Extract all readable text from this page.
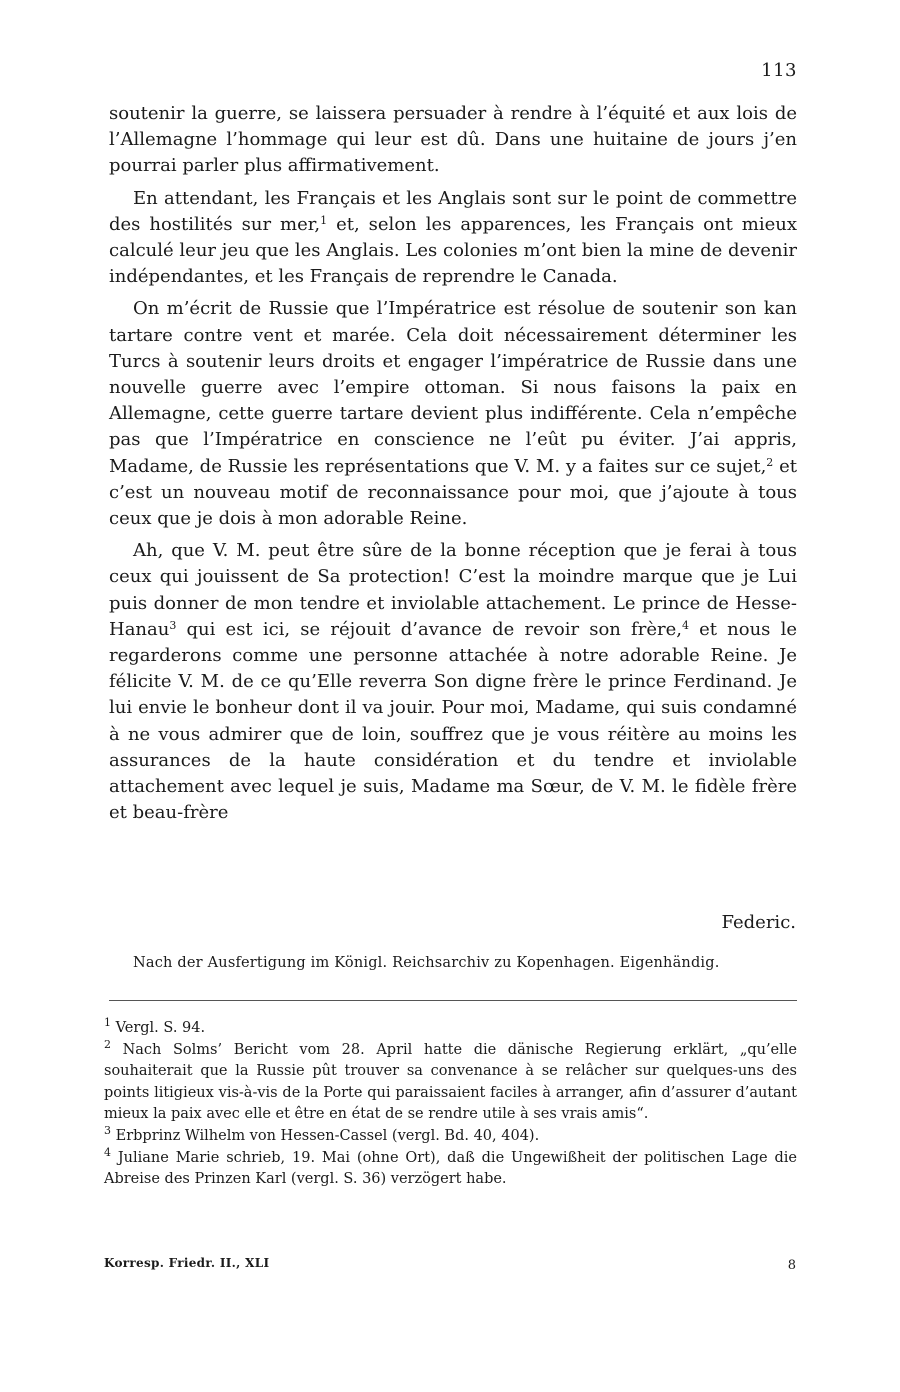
113

soutenir la guerre, se laissera persuader à rendre à l’équité et aux lois de l’Allemagne l’hommage qui leur est dû. Dans une huitaine de jours j’en pourrai parler plus affirmativement.

En attendant, les Français et les Anglais sont sur le point de commettre des hostilités sur mer,$^1$ et, selon les apparences, les Français ont mieux calculé leur jeu que les Anglais. Les colonies m’ont bien la mine de devenir indépendantes, et les Français de reprendre le Canada.

On m’écrit de Russie que l’Impératrice est résolue de soutenir son kan tartare contre vent et marée. Cela doit nécessairement déterminer les Turcs à soutenir leurs droits et engager l’impératrice de Russie dans une nouvelle guerre avec l’empire ottoman. Si nous faisons la paix en Allemagne, cette guerre tartare devient plus indifférente. Cela n’empêche pas que l’Impératrice en conscience ne l’eût pu éviter. J’ai appris, Madame, de Russie les représentations que V. M. y a faites sur ce sujet,$^2$ et c’est un nouveau motif de reconnaissance pour moi, que j’ajoute à tous ceux que je dois à mon adorable Reine.

Ah, que V. M. peut être sûre de la bonne réception que je ferai à tous ceux qui jouissent de Sa protection! C’est la moindre marque que je Lui puis donner de mon tendre et inviolable attachement. Le prince de Hesse-Hanau$^3$ qui est ici, se réjouit d’avance de revoir son frère,$^4$ et nous le regarderons comme une personne attachée à notre adorable Reine. Je félicite V. M. de ce qu’Elle reverra Son digne frère le prince Ferdinand. Je lui envie le bonheur dont il va jouir. Pour moi, Madame, qui suis condamné à ne vous admirer que de loin, souffrez que je vous réitère au moins les assurances de la haute considération et du tendre et inviolable attachement avec lequel je suis, Madame ma Sœur, de V. M. le fidèle frère et beau-frère

Federic.
Nach der Ausfertigung im Königl. Reichsarchiv zu Kopenhagen. Eigenhändig.

$^1$ Vergl. S. 94.

$^2$ Nach Solms’ Bericht vom 28. April hatte die dänische Regierung erklärt, „qu’elle souhaiterait que la Russie pût trouver sa convenance à se relâcher sur quelques-uns des points litigieux vis-à-vis de la Porte qui paraissaient faciles à arranger, afin d’assurer d’autant mieux la paix avec elle et être en état de se rendre utile à ses vrais amis“.

$^3$ Erbprinz Wilhelm von Hessen-Cassel (vergl. Bd. 40, 404).

$^4$ Juliane Marie schrieb, 19. Mai (ohne Ort), daß die Ungewißheit der politischen Lage die Abreise des Prinzen Karl (vergl. S. 36) verzögert habe.

Korresp. Friedr. II., XLI	8
